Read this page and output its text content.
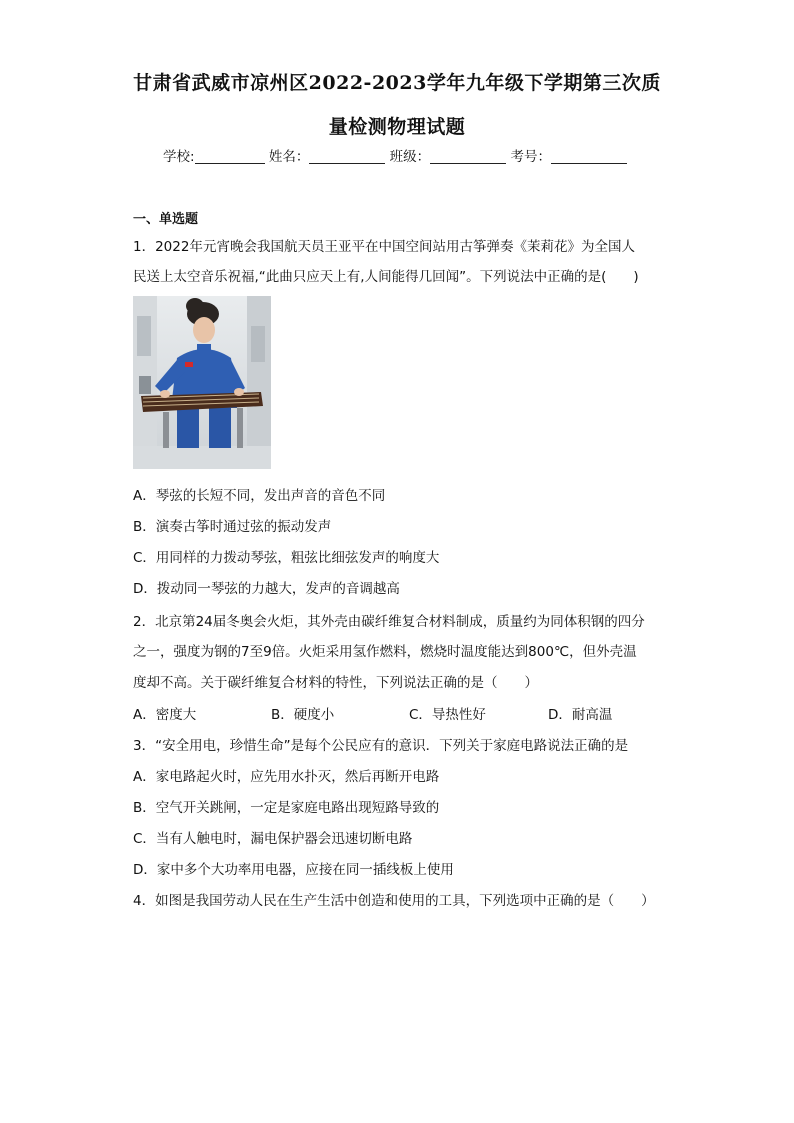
甘肃省武威市凉州区2022-2023学年九年级下学期第三次质
量检测物理试题
学校:	姓名：	班级：	考号：
一、单选题
1．2022年元宵晚会我国航天员王亚平在中国空间站用古筝弹奏《茉莉花》为全国人
民送上太空音乐祝福,“此曲只应天上有,人间能得几回闻”。下列说法中正确的是(　　)
A．琴弦的长短不同，发出声音的音色不同
B．演奏古筝时通过弦的振动发声
C．用同样的力拨动琴弦，粗弦比细弦发声的响度大
D．拨动同一琴弦的力越大，发声的音调越高
2．北京第24届冬奥会火炬，其外壳由碳纤维复合材料制成，质量约为同体积钢的四分
之一，强度为钢的7至9倍。火炬采用氢作燃料，燃烧时温度能达到800℃，但外壳温
度却不高。关于碳纤维复合材料的特性，下列说法正确的是（　　）
A．密度大	B．硬度小	C．导热性好	D．耐高温
3．“安全用电，珍惜生命”是每个公民应有的意识．下列关于家庭电路说法正确的是
A．家电路起火时，应先用水扑灭，然后再断开电路
B．空气开关跳闸，一定是家庭电路出现短路导致的
C．当有人触电时，漏电保护器会迅速切断电路
D．家中多个大功率用电器，应接在同一插线板上使用
4．如图是我国劳动人民在生产生活中创造和使用的工具，下列选项中正确的是（　　）
